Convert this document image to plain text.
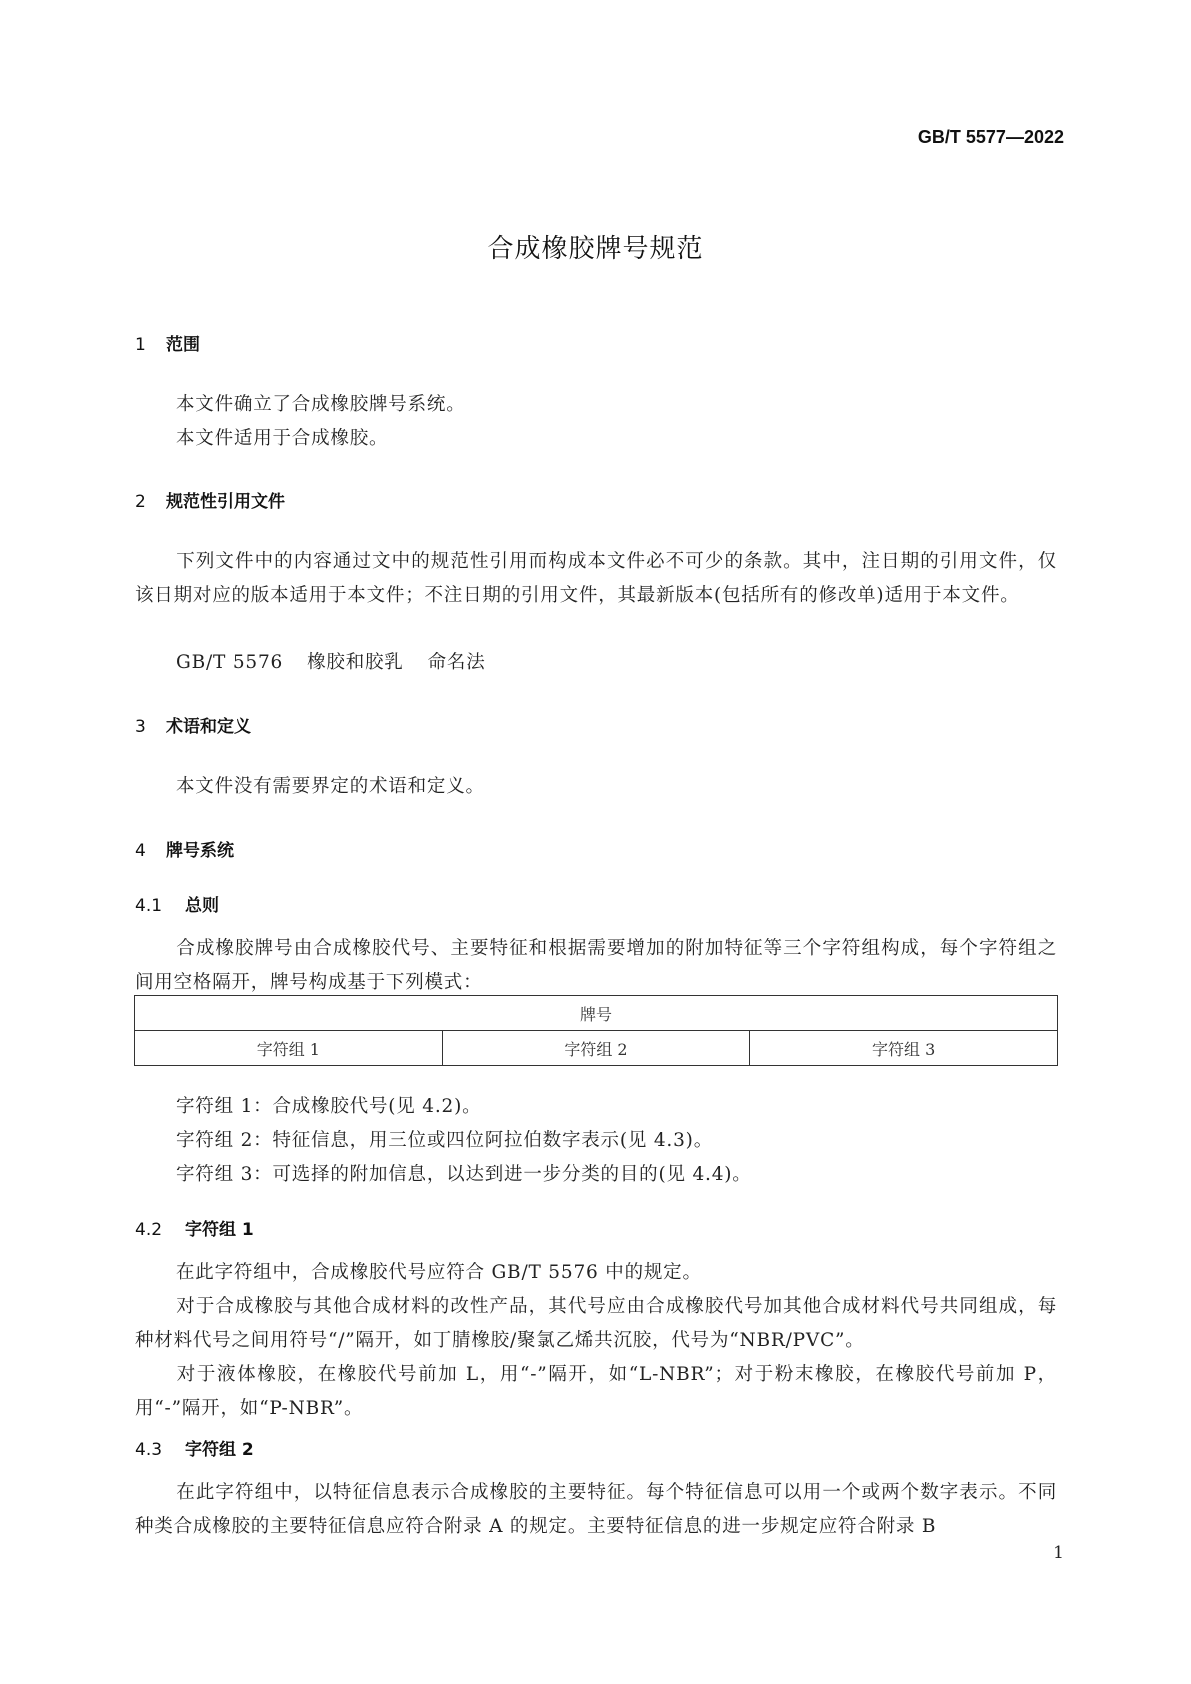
GB/T 5577—2022
合成橡胶牌号规范
1 范围
本文件确立了合成橡胶牌号系统。
本文件适用于合成橡胶。
2 规范性引用文件
下列文件中的内容通过文中的规范性引用而构成本文件必不可少的条款。其中，注日期的引用文件，仅该日期对应的版本适用于本文件；不注日期的引用文件，其最新版本(包括所有的修改单)适用于本文件。
GB/T 5576 橡胶和胶乳 命名法
3 术语和定义
本文件没有需要界定的术语和定义。
4 牌号系统
4.1 总则
合成橡胶牌号由合成橡胶代号、主要特征和根据需要增加的附加特征等三个字符组构成，每个字符组之间用空格隔开，牌号构成基于下列模式：
牌号
字符组 1	字符组 2	字符组 3
字符组 1：合成橡胶代号(见 4.2)。
字符组 2：特征信息，用三位或四位阿拉伯数字表示(见 4.3)。
字符组 3：可选择的附加信息，以达到进一步分类的目的(见 4.4)。
4.2 字符组 1
在此字符组中，合成橡胶代号应符合 GB/T 5576 中的规定。
对于合成橡胶与其他合成材料的改性产品，其代号应由合成橡胶代号加其他合成材料代号共同组成，每种材料代号之间用符号“/”隔开，如丁腈橡胶/聚氯乙烯共沉胶，代号为“NBR/PVC”。
对于液体橡胶，在橡胶代号前加 L，用“-”隔开，如“L-NBR”；对于粉末橡胶，在橡胶代号前加 P，用“-”隔开，如“P-NBR”。
4.3 字符组 2
在此字符组中，以特征信息表示合成橡胶的主要特征。每个特征信息可以用一个或两个数字表示。不同种类合成橡胶的主要特征信息应符合附录 A 的规定。主要特征信息的进一步规定应符合附录 B
1
